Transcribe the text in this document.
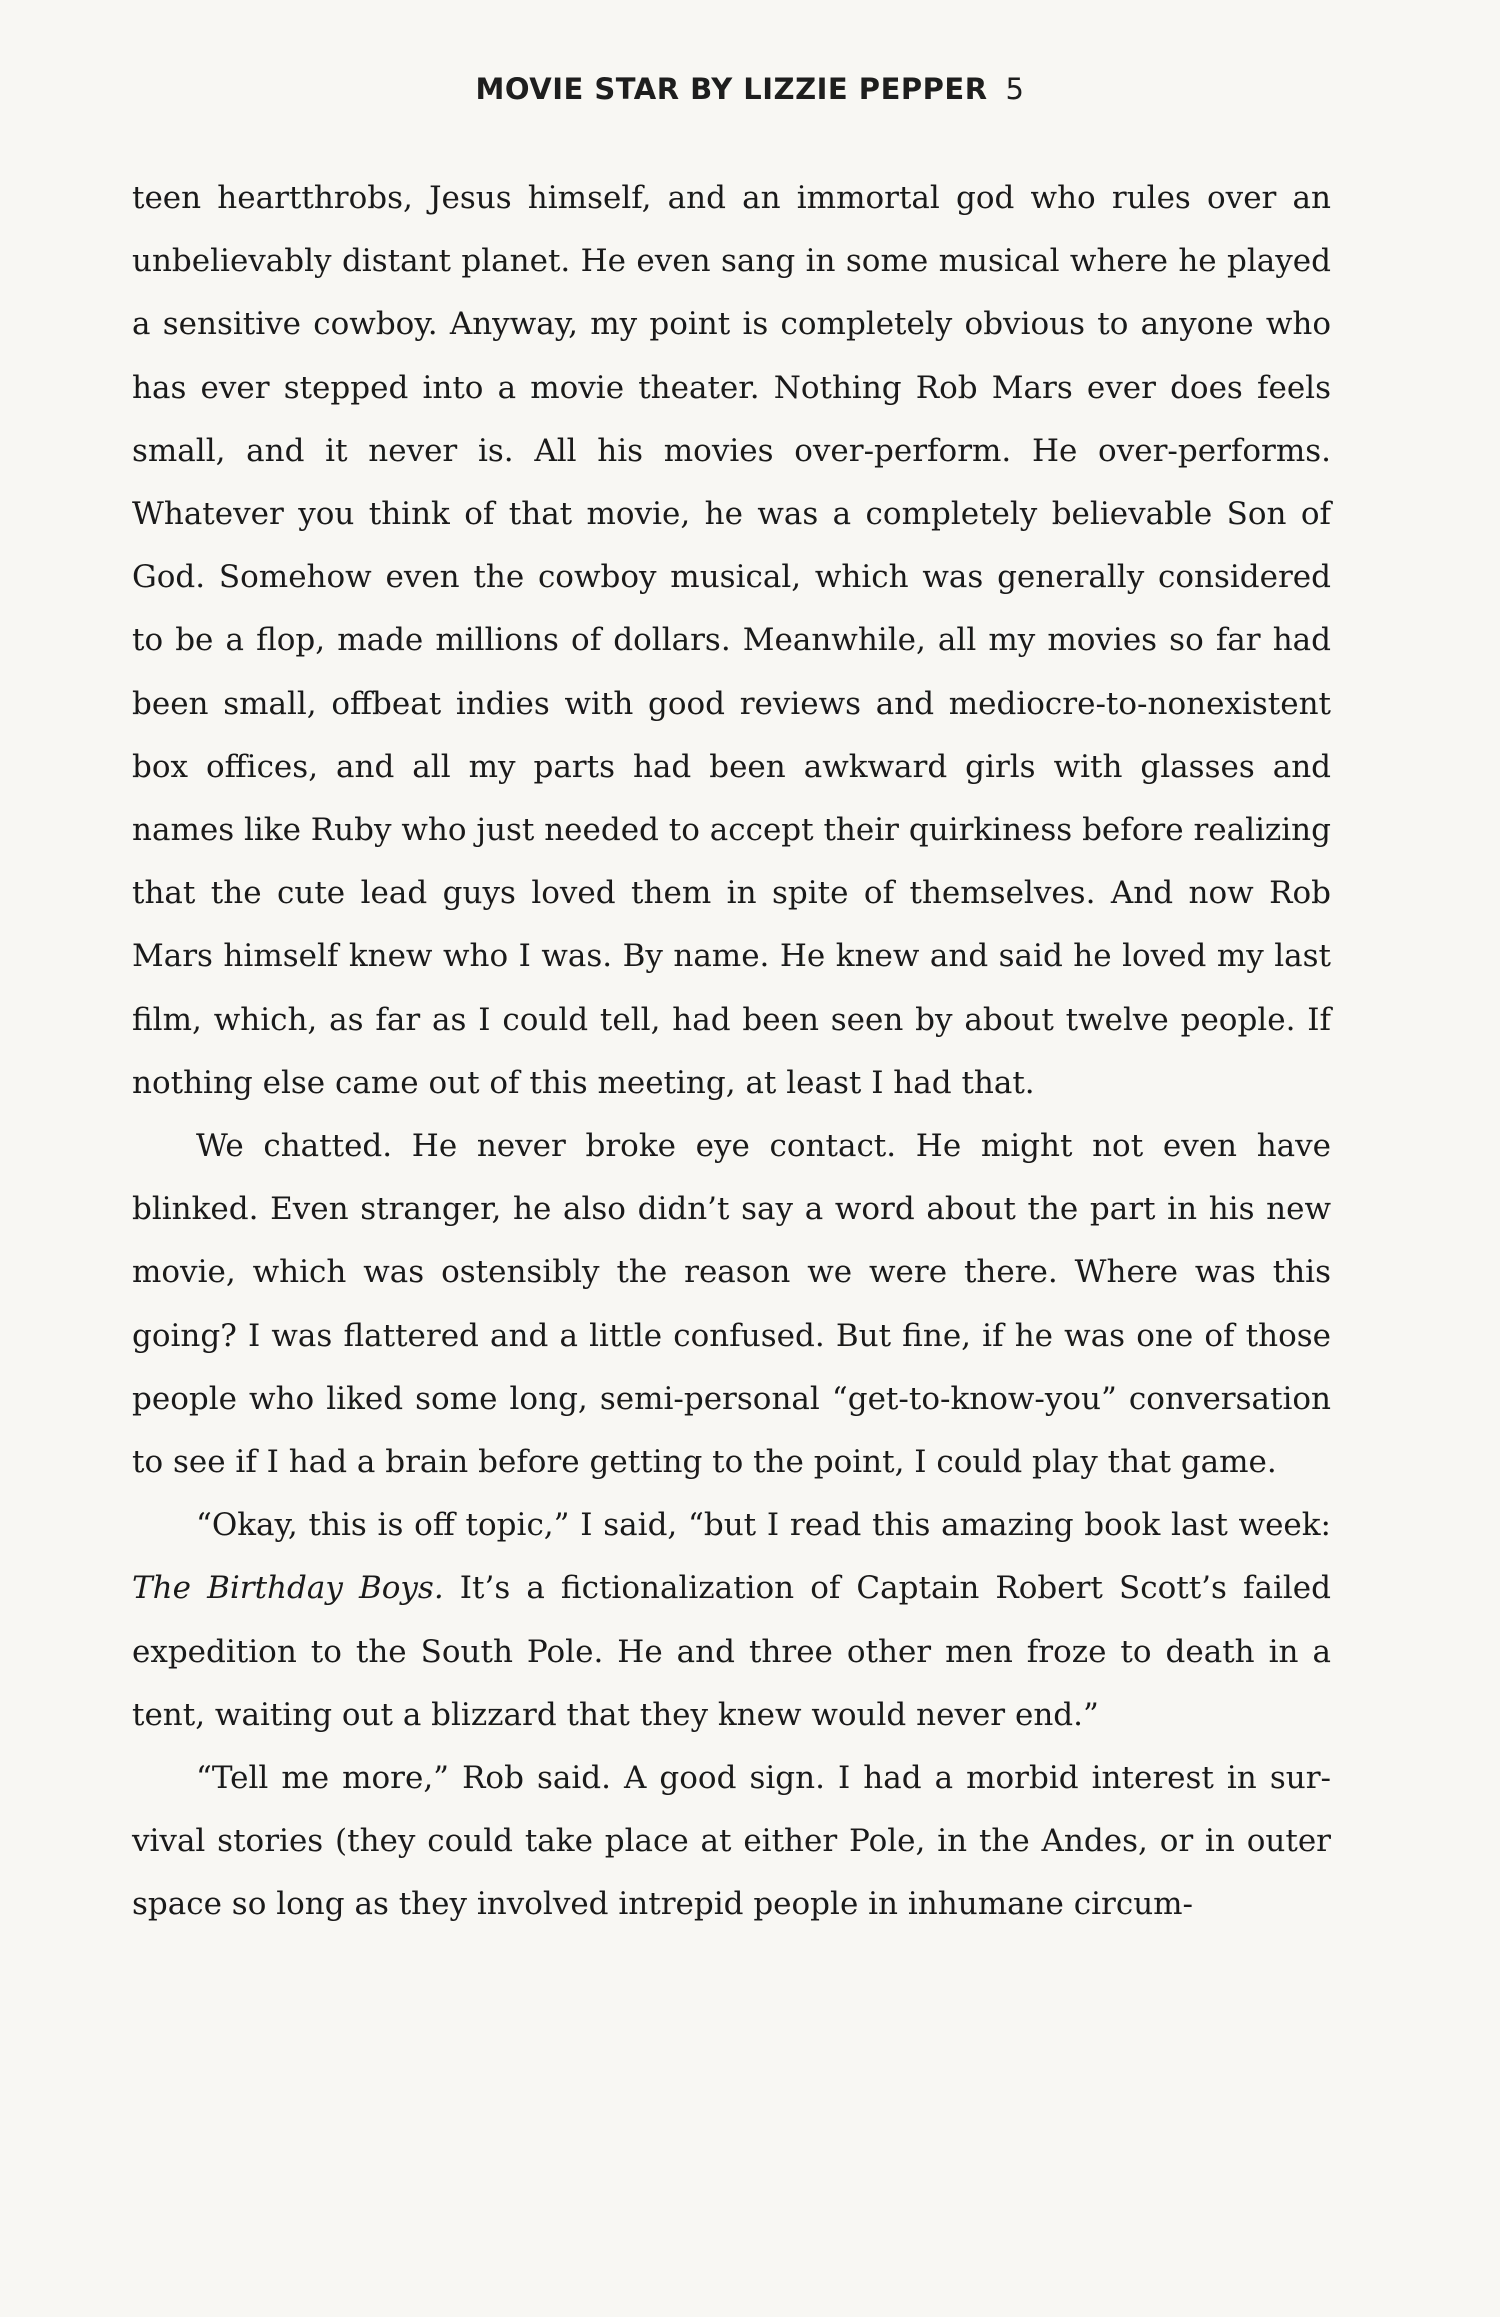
MOVIE STAR BY LIZZIE PEPPER 5

teen heartthrobs, Jesus himself, and an immortal god who rules over an unbelievably distant planet. He even sang in some musical where he played a sensitive cowboy. Anyway, my point is completely obvious to anyone who has ever stepped into a movie theater. Nothing Rob Mars ever does feels small, and it never is. All his movies over-perform. He over-performs. Whatever you think of that movie, he was a completely believable Son of God. Somehow even the cowboy musical, which was generally considered to be a flop, made millions of dollars. Meanwhile, all my movies so far had been small, offbeat indies with good reviews and mediocre-to-nonexistent box offices, and all my parts had been awkward girls with glasses and names like Ruby who just needed to accept their quirkiness before realizing that the cute lead guys loved them in spite of themselves. And now Rob Mars himself knew who I was. By name. He knew and said he loved my last film, which, as far as I could tell, had been seen by about twelve people. If nothing else came out of this meeting, at least I had that.

We chatted. He never broke eye contact. He might not even have blinked. Even stranger, he also didn’t say a word about the part in his new movie, which was ostensibly the reason we were there. Where was this going? I was flattered and a little confused. But fine, if he was one of those people who liked some long, semi-personal “get-to-know-you” conversation to see if I had a brain before getting to the point, I could play that game.

“Okay, this is off topic,” I said, “but I read this amazing book last week: The Birthday Boys. It’s a fictionalization of Captain Robert Scott’s failed expedition to the South Pole. He and three other men froze to death in a tent, waiting out a blizzard that they knew would never end.”

“Tell me more,” Rob said. A good sign. I had a morbid interest in survival stories (they could take place at either Pole, in the Andes, or in outer space so long as they involved intrepid people in inhumane circum-
